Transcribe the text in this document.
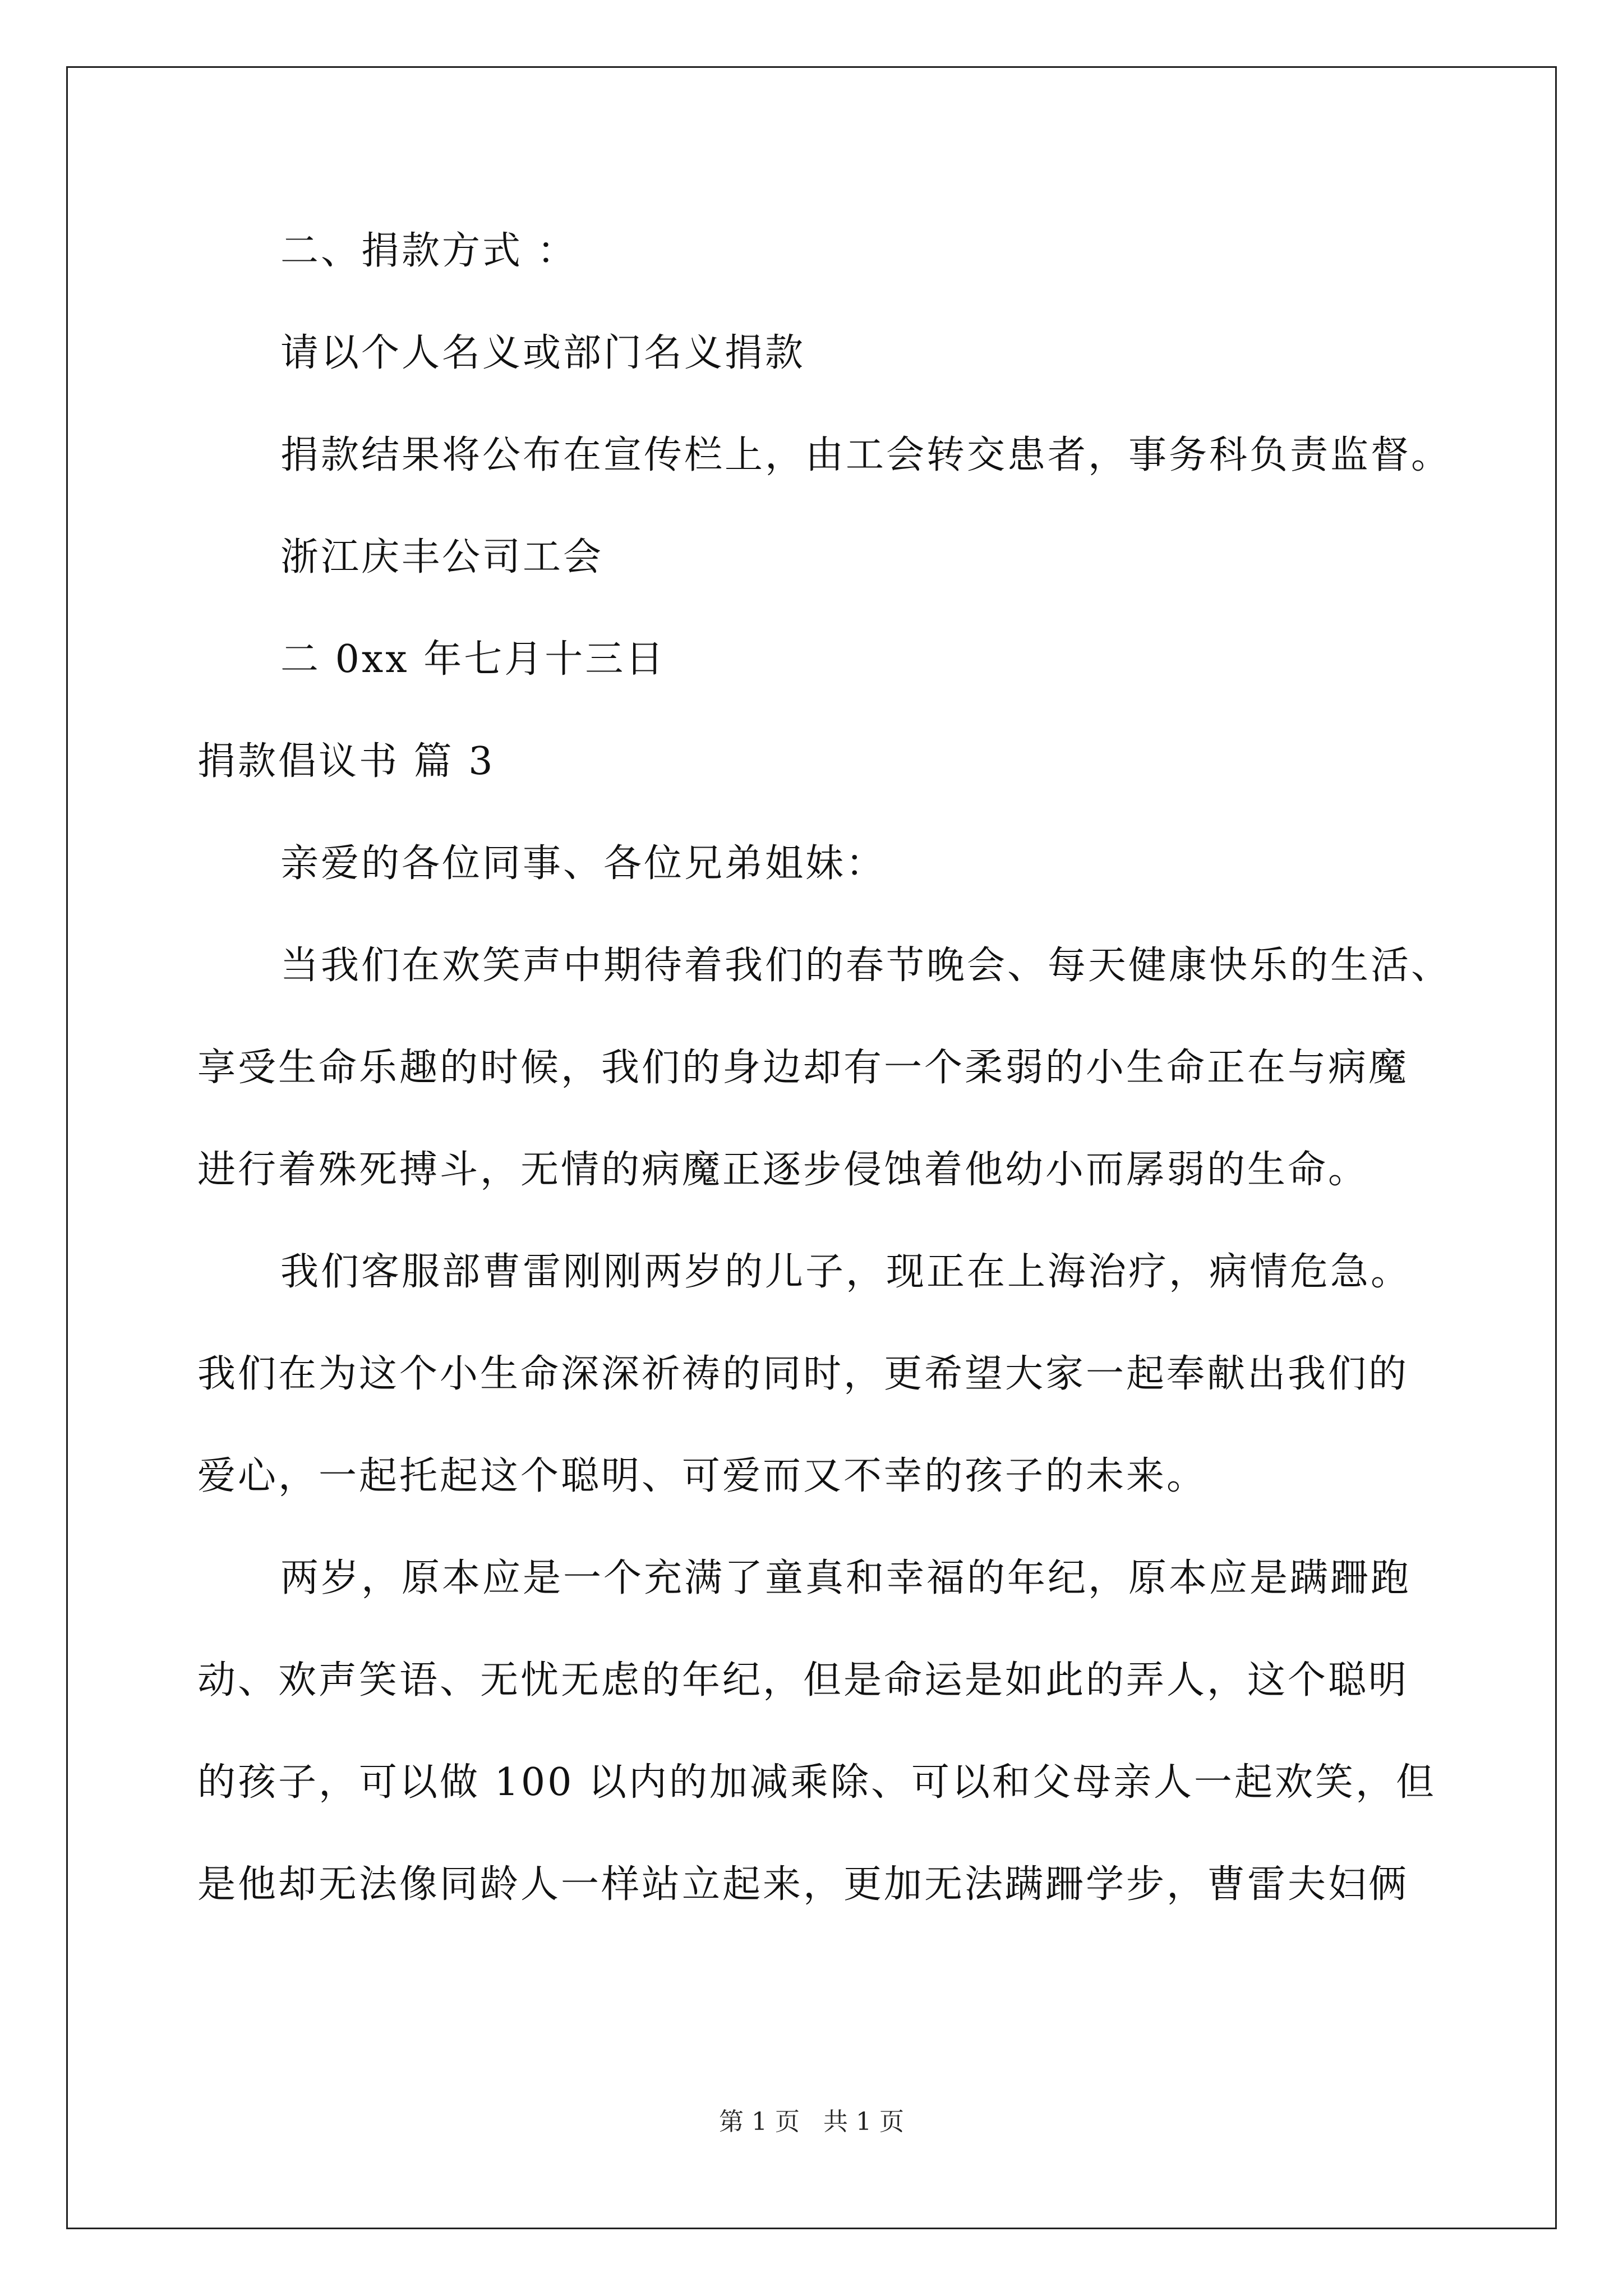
二、捐款方式 ：
请以个人名义或部门名义捐款
捐款结果将公布在宣传栏上，由工会转交患者，事务科负责监督。
浙江庆丰公司工会
二 0xx 年七月十三日
捐款倡议书 篇 3
亲爱的各位同事、各位兄弟姐妹：
当我们在欢笑声中期待着我们的春节晚会、每天健康快乐的生活、
享受生命乐趣的时候，我们的身边却有一个柔弱的小生命正在与病魔
进行着殊死搏斗，无情的病魔正逐步侵蚀着他幼小而孱弱的生命。
我们客服部曹雷刚刚两岁的儿子，现正在上海治疗，病情危急。
我们在为这个小生命深深祈祷的同时，更希望大家一起奉献出我们的
爱心，一起托起这个聪明、可爱而又不幸的孩子的未来。
两岁，原本应是一个充满了童真和幸福的年纪，原本应是蹒跚跑
动、欢声笑语、无忧无虑的年纪，但是命运是如此的弄人，这个聪明
的孩子，可以做 100 以内的加减乘除、可以和父母亲人一起欢笑，但
是他却无法像同龄人一样站立起来，更加无法蹒跚学步，曹雷夫妇俩
第 1 页 共 1 页
